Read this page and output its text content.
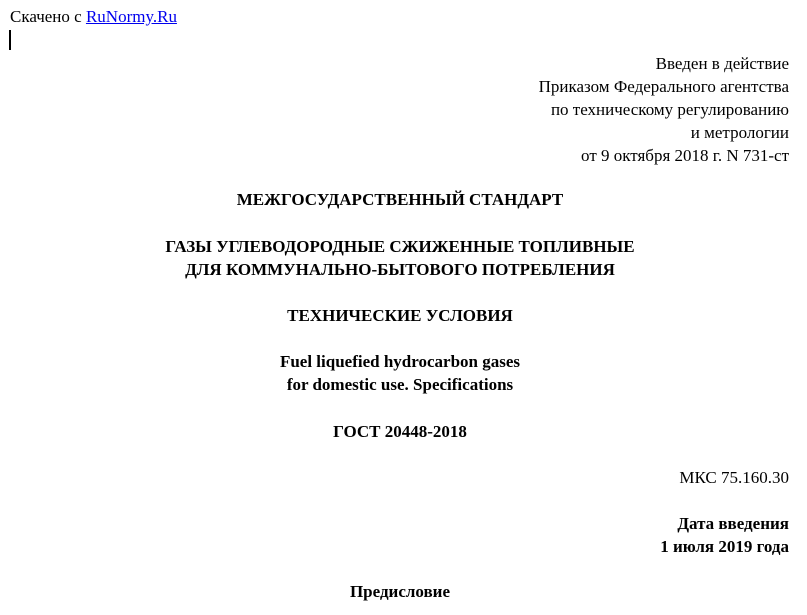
Скачено с RuNormy.Ru
Введен в действие
Приказом Федерального агентства
по техническому регулированию
и метрологии
от 9 октября 2018 г. N 731-ст
МЕЖГОСУДАРСТВЕННЫЙ СТАНДАРТ
ГАЗЫ УГЛЕВОДОРОДНЫЕ СЖИЖЕННЫЕ ТОПЛИВНЫЕ
ДЛЯ КОММУНАЛЬНО-БЫТОВОГО ПОТРЕБЛЕНИЯ
ТЕХНИЧЕСКИЕ УСЛОВИЯ
Fuel liquefied hydrocarbon gases
for domestic use. Specifications
ГОСТ 20448-2018
МКС 75.160.30
Дата введения
1 июля 2019 года
Предисловие
